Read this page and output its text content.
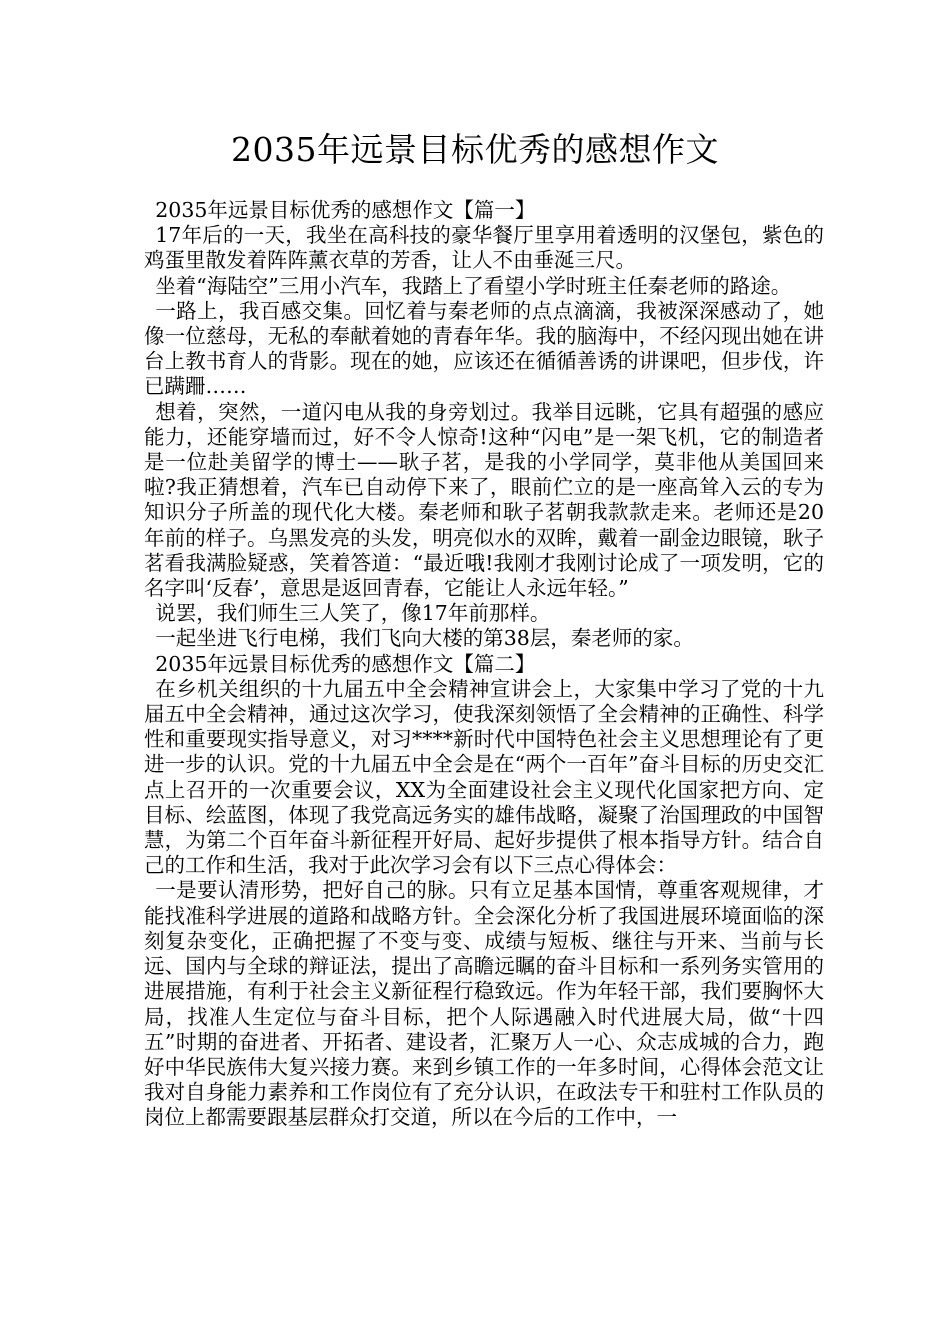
2035年远景目标优秀的感想作文

2035年远景目标优秀的感想作文【篇一】

17年后的一天，我坐在高科技的豪华餐厅里享用着透明的汉堡包，紫色的鸡蛋里散发着阵阵薰衣草的芳香，让人不由垂涎三尺。

坐着“海陆空”三用小汽车，我踏上了看望小学时班主任秦老师的路途。

一路上，我百感交集。回忆着与秦老师的点点滴滴，我被深深感动了，她像一位慈母，无私的奉献着她的青春年华。我的脑海中，不经闪现出她在讲台上教书育人的背影。现在的她，应该还在循循善诱的讲课吧，但步伐，许已蹒跚……

想着，突然，一道闪电从我的身旁划过。我举目远眺，它具有超强的感应能力，还能穿墙而过，好不令人惊奇!这种“闪电”是一架飞机，它的制造者是一位赴美留学的博士——耿子茗，是我的小学同学，莫非他从美国回来啦?我正猜想着，汽车已自动停下来了，眼前伫立的是一座高耸入云的专为知识分子所盖的现代化大楼。秦老师和耿子茗朝我款款走来。老师还是20年前的样子。乌黑发亮的头发，明亮似水的双眸，戴着一副金边眼镜，耿子茗看我满脸疑惑，笑着答道：“最近哦!我刚才我刚讨论成了一项发明，它的名字叫‘反春’，意思是返回青春，它能让人永远年轻。”

说罢，我们师生三人笑了，像17年前那样。

一起坐进飞行电梯，我们飞向大楼的第38层，秦老师的家。

2035年远景目标优秀的感想作文【篇二】

在乡机关组织的十九届五中全会精神宣讲会上，大家集中学习了党的十九届五中全会精神，通过这次学习，使我深刻领悟了全会精神的正确性、科学性和重要现实指导意义，对习****新时代中国特色社会主义思想理论有了更进一步的认识。党的十九届五中全会是在“两个一百年”奋斗目标的历史交汇点上召开的一次重要会议，XX为全面建设社会主义现代化国家把方向、定目标、绘蓝图，体现了我党高远务实的雄伟战略，凝聚了治国理政的中国智慧，为第二个百年奋斗新征程开好局、起好步提供了根本指导方针。结合自己的工作和生活，我对于此次学习会有以下三点心得体会：

一是要认清形势，把好自己的脉。只有立足基本国情，尊重客观规律，才能找准科学进展的道路和战略方针。全会深化分析了我国进展环境面临的深刻复杂变化，正确把握了不变与变、成绩与短板、继往与开来、当前与长远、国内与全球的辩证法，提出了高瞻远瞩的奋斗目标和一系列务实管用的进展措施，有利于社会主义新征程行稳致远。作为年轻干部，我们要胸怀大局，找准人生定位与奋斗目标，把个人际遇融入时代进展大局，做“十四五”时期的奋进者、开拓者、建设者，汇聚万人一心、众志成城的合力，跑好中华民族伟大复兴接力赛。来到乡镇工作的一年多时间，心得体会范文让我对自身能力素养和工作岗位有了充分认识，在政法专干和驻村工作队员的岗位上都需要跟基层群众打交道，所以在今后的工作中，一
